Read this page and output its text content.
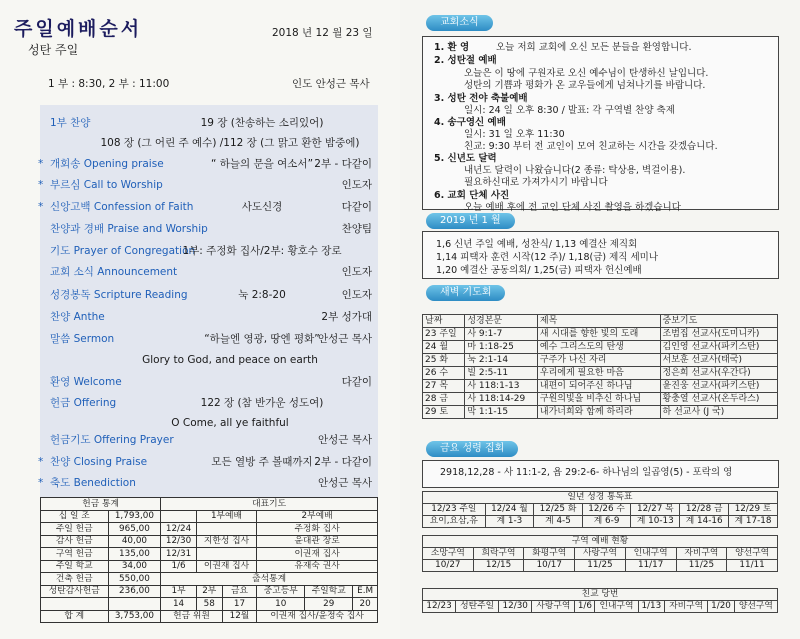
주일예배순서	2018 년 12 월 23 일
성탄 주일
1 부 : 8:30, 2 부 : 11:00	인도 안성근 목사
1부 찬양	19 장 (찬송하는 소리있어)
108 장 (그 어린 주 예수) /112 장 (그 맑고 환한 밤중에)
* 개회송 Opening praise	“ 하늘의 문을 여소서” 2부 - 다같이
* 부르심 Call to Worship	인도자
* 신앙고백 Confession of Faith	사도신경	다같이
찬양과 경배 Praise and Worship	찬양팀
기도 Prayer of Congregation
1부: 주정화 집사/2부: 황호수 장로
교회 소식 Announcement	인도자
성경봉독 Scripture Reading	눅 2:8-20	인도자
찬양 Anthe	2부 성가대
말씀 Sermon	“하늘엔 영광, 땅엔 평화”
안성근 목사
Glory to God, and peace on earth
환영 Welcome	다같이
헌금 Offering	122 장 (참 반가운 성도여)
O Come, all ye faithful
헌금기도 Offering Prayer	안성근 목사
* 찬양 Closing Praise	모든 열방 주 볼때까지 2부 - 다같이
* 축도 Benediction	안성근 목사
헌금 통계		대표기도					
십 일 조	1,793,00		1부예배		2부예배		
주일 헌금	965,00	12/24			주정화 집사		
감사 헌금	40,00	12/30	지한성 집사		윤대관 장로		
구역 헌금	135,00	12/31			이권재 집사		
주일 학교	34,00	1/6	이권재 집사		유재숙 권사		
건축 헌금	550,00	출석통계					
성탄감사헌금	236,00	1부	2부	금요	중고등부	주일학교	E.M
		14	58	17	10	29	20
합 계	3,753,00	헌금 위원		12월	이권재 집사/윤정숙 집사		
교회소식
1. 환 영	오늘 저희 교회에 오신 모든 분들을 환영합니다.
2. 성탄절 예배
오늘은 이 땅에 구원자로 오신 예수님이 탄생하신 날입니다.
성탄의 기쁨과 평화가 온 교우들에게 넘쳐나기를 바랍니다.
3. 성탄 전야 축불예배
일시: 24 일 오후 8:30 / 발표: 각 구역별 찬양 축제
4. 송구영신 예배
일시: 31 일 오후 11:30
친교: 9:30 부터 전 교인이 모여 친교하는 시간을 갖겠습니다.
5. 신년도 달력
내년도 달력이 나왔습니다(2 종류: 탁상용, 벽걸이용).
필요하신대로 가져가시기 바랍니다
6. 교회 단체 사진
오늘 예배 후에 전 교인 단체 사진 촬영을 하겠습니다
2019 년 1 월
1,6 신년 주일 예배, 성찬식/ 1,13 예결산 제직회
1,14 피택자 훈련 시작(12 주)/ 1,18(금) 제직 세미나
1,20 예결산 공동의회/ 1,25(금) 피택자 헌신예배
새벽 기도회
날짜	성경본문	제목	중보기도
23 주일	사 9:1-7	새 시대를 향한 빛의 도래	조범집 선교사(도미니카)
24 월	마 1:18-25	예수 그리스도의 탄생	김인영 선교사(파키스탄)
25 화	눅 2:1-14	구주가 나신 자리	서보훈 선교사(태국)
26 수	빌 2:5-11	우리에게 필요한 마음	정은희 선교사(우간다)
27 목	사 118:1-13	내편이 되어주신 하나님	윤진웅 선교사(파키스탄)
28 금	사 118:14-29	구원의빛을 비추신 하나님	황충열 선교사(온두라스)
29 토	막 1:1-15	내가너희와 함께 하리라	하 선교사 (J 국)
금요 성령 집회
2918,12,28 - 사 11:1-2, 욥 29:2-6- 하나님의 일곱영(5) - 포락의 영
일년 성경 통독표						
12/23 주일	12/24 월	12/25 화	12/26 수	12/27 목	12/28 금	12/29 토
요이,요삼,유	계 1-3	계 4-5	계 6-9	계 10-13	계 14-16	계 17-18
구역 예배 현황						
소망구역	희락구역	화평구역	사랑구역	인내구역	자비구역	양선구역
10/27	12/15	10/17	11/25	11/17	11/25	11/11
친교 당번
12/23	성탄주일	12/30	사랑구역	1/6	인내구역	1/13	자비구역	1/20	양선구역
